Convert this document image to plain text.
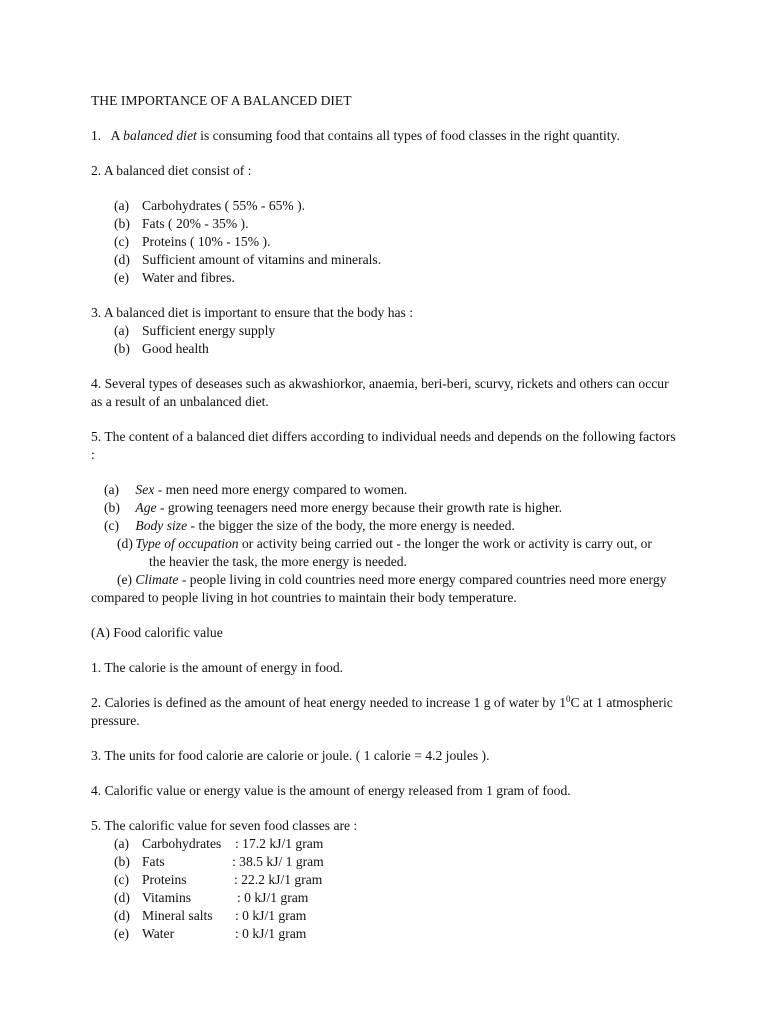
THE IMPORTANCE OF A BALANCED DIET

1. A balanced diet is consuming food that contains all types of food classes in the right quantity.

2. A balanced diet consist of :

(a) Carbohydrates ( 55% - 65% ).
(b) Fats ( 20% - 35% ).
(c) Proteins ( 10% - 15% ).
(d) Sufficient amount of vitamins and minerals.
(e) Water and fibres.

3. A balanced diet is important to ensure that the body has :

(a) Sufficient energy supply
(b) Good health

4. Several types of deseases such as akwashiorkor, anaemia, beri-beri, scurvy, rickets and others can occur as a result of an unbalanced diet.

5. The content of a balanced diet differs according to individual needs and depends on the following factors :

(a) Sex - men need more energy compared to women.

(b) Age - growing teenagers need more energy because their growth rate is higher.

(c) Body size - the bigger the size of the body, the more energy is needed.

(d) Type of occupation or activity being carried out - the longer the work or activity is carry out, or

the heavier the task, the more energy is needed.

(e) Climate - people living in cold countries need more energy compared countries need more energy compared to people living in hot countries to maintain their body temperature.

(A) Food calorific value

1. The calorie is the amount of energy in food.

2. Calories is defined as the amount of heat energy needed to increase 1 g of water by $1^0C$ at 1 atmospheric pressure.

3. The units for food calorie are calorie or joule. ( 1 calorie = 4.2 joules ).

4. Calorific value or energy value is the amount of energy released from 1 gram of food.

5. The calorific value for seven food classes are :

(a) Carbohydrates	: 17.2 kJ/1 gram
(b) Fats	: 38.5 kJ/ 1 gram
(c) Proteins	: 22.2 kJ/1 gram
(d) Vitamins	: 0 kJ/1 gram
(d) Mineral salts	: 0 kJ/1 gram
(e) Water	: 0 kJ/1 gram
